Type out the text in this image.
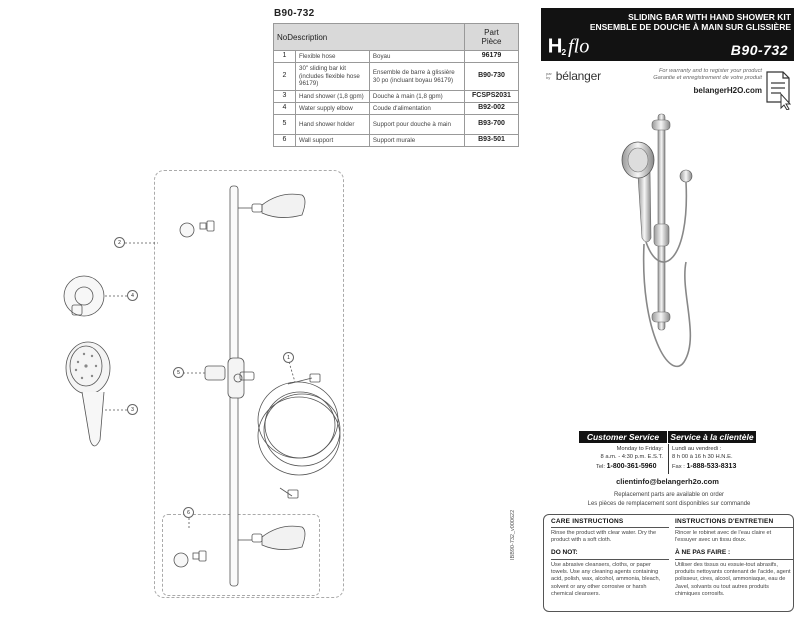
B90-732
NoDescription			Part
Pièce
1	Flexible hose	Boyau	96179
2	30" sliding bar kit (includes flexible hose 96179)	Ensemble de barre à glissière 30 po (incluant boyau 96179)	B90-730
3	Hand shower (1,8 gpm)	Douche à main (1,8 gpm)	FCSPS2031
4	Water supply elbow	Coude d'alimentation	B92-002
5	Hand shower holder	Support pour douche à main	B93-700
6	Wall support	Support murale	B93-501
2
4
3
5
1
6	IBB90-732_v000622
SLIDING BAR WITH HAND SHOWER KIT
ENSEMBLE DE DOUCHE À MAIN SUR GLISSIÈRE
H 2 flo	B90-732
par
by bélanger	For warranty and to register your product
Garantie et enregistrement de votre produit
belangerH2O.com
Customer Service	Service à la clientèle
Monday to Friday:
8 a.m. - 4:30 p.m. E.S.T.
Lundi au vendredi :
8 h 00 à 16 h 30 H.N.E.
Tel: 1-800-361-5960	Fax : 1-888-533-8313
clientinfo@belangerh2o.com
Replacement parts are available on order
Les pièces de remplacement sont disponibles sur commande
CARE INSTRUCTIONS
Rinse the product with clear water. Dry the product with a soft cloth.
DO NOT:
Use abrasive cleansers, cloths, or paper towels. Use any cleaning agents containing acid, polish, wax, alcohol, ammonia, bleach, solvent or any other corrosive or harsh chemical cleansers.
INSTRUCTIONS D'ENTRETIEN
Rincer le robinet avec de l'eau claire et l'essuyer avec un tissu doux.
À NE PAS FAIRE :
Utiliser des tissus ou essuie-tout abrasifs, produits nettoyants contenant de l'acide, agent polisseur, cires, alcool, ammoniaque, eau de Javel, solvants ou tout autres produits chimiques corrosifs.
